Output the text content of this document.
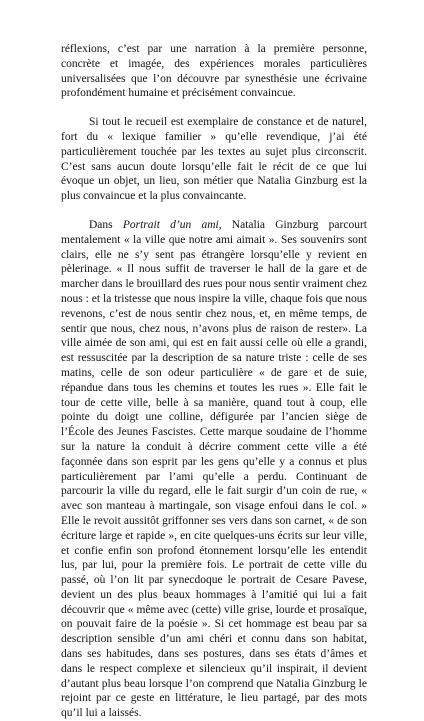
réflexions, c’est par une narration à la première personne, concrète et imagée, des expériences morales particulières universalisées que l’on découvre par synesthésie une écrivaine profondément humaine et précisément convaincue.

Si tout le recueil est exemplaire de constance et de naturel, fort du « lexique familier » qu’elle revendique, j’ai été particulièrement touchée par les textes au sujet plus circonscrit. C’est sans aucun doute lorsqu’elle fait le récit de ce que lui évoque un objet, un lieu, son métier que Natalia Ginzburg est la plus convaincue et la plus convaincante.

Dans Portrait d’un ami, Natalia Ginzburg parcourt mentalement « la ville que notre ami aimait ». Ses souvenirs sont clairs, elle ne s’y sent pas étrangère lorsqu’elle y revient en pèlerinage. « Il nous suffit de traverser le hall de la gare et de marcher dans le brouillard des rues pour nous sentir vraiment chez nous : et la tristesse que nous inspire la ville, chaque fois que nous revenons, c’est de nous sentir chez nous, et, en même temps, de sentir que nous, chez nous, n’avons plus de raison de rester». La ville aimée de son ami, qui est en fait aussi celle où elle a grandi, est ressuscitée par la description de sa nature triste : celle de ses matins, celle de son odeur particulière « de gare et de suie, répandue dans tous les chemins et toutes les rues ». Elle fait le tour de cette ville, belle à sa manière, quand tout à coup, elle pointe du doigt une colline, défigurée par l’ancien siège de l’École des Jeunes Fascistes. Cette marque soudaine de l’homme sur la nature la conduit à décrire comment cette ville a été façonnée dans son esprit par les gens qu’elle y a connus et plus particulièrement par l’ami qu’elle a perdu. Continuant de parcourir la ville du regard, elle le fait surgir d’un coin de rue, « avec son manteau à martingale, son visage enfoui dans le col. » Elle le revoit aussitôt griffonner ses vers dans son carnet, « de son écriture large et rapide », en cite quelques-uns écrits sur leur ville, et confie enfin son profond étonnement lorsqu’elle les entendit lus, par lui, pour la première fois. Le portrait de cette ville du passé, où l’on lit par synecdoque le portrait de Cesare Pavese, devient un des plus beaux hommages à l’amitié qui lui a fait découvrir que « même avec (cette) ville grise, lourde et prosaïque, on pouvait faire de la poésie ». Si cet hommage est beau par sa description sensible d’un ami chéri et connu dans son habitat, dans ses habitudes, dans ses postures, dans ses états d’âmes et dans le respect complexe et silencieux qu’il inspirait, il devient d’autant plus beau lorsque l’on comprend que Natalia Ginzburg le rejoint par ce geste en littérature, le lieu partagé, par des mots qu’il lui a laissés.
